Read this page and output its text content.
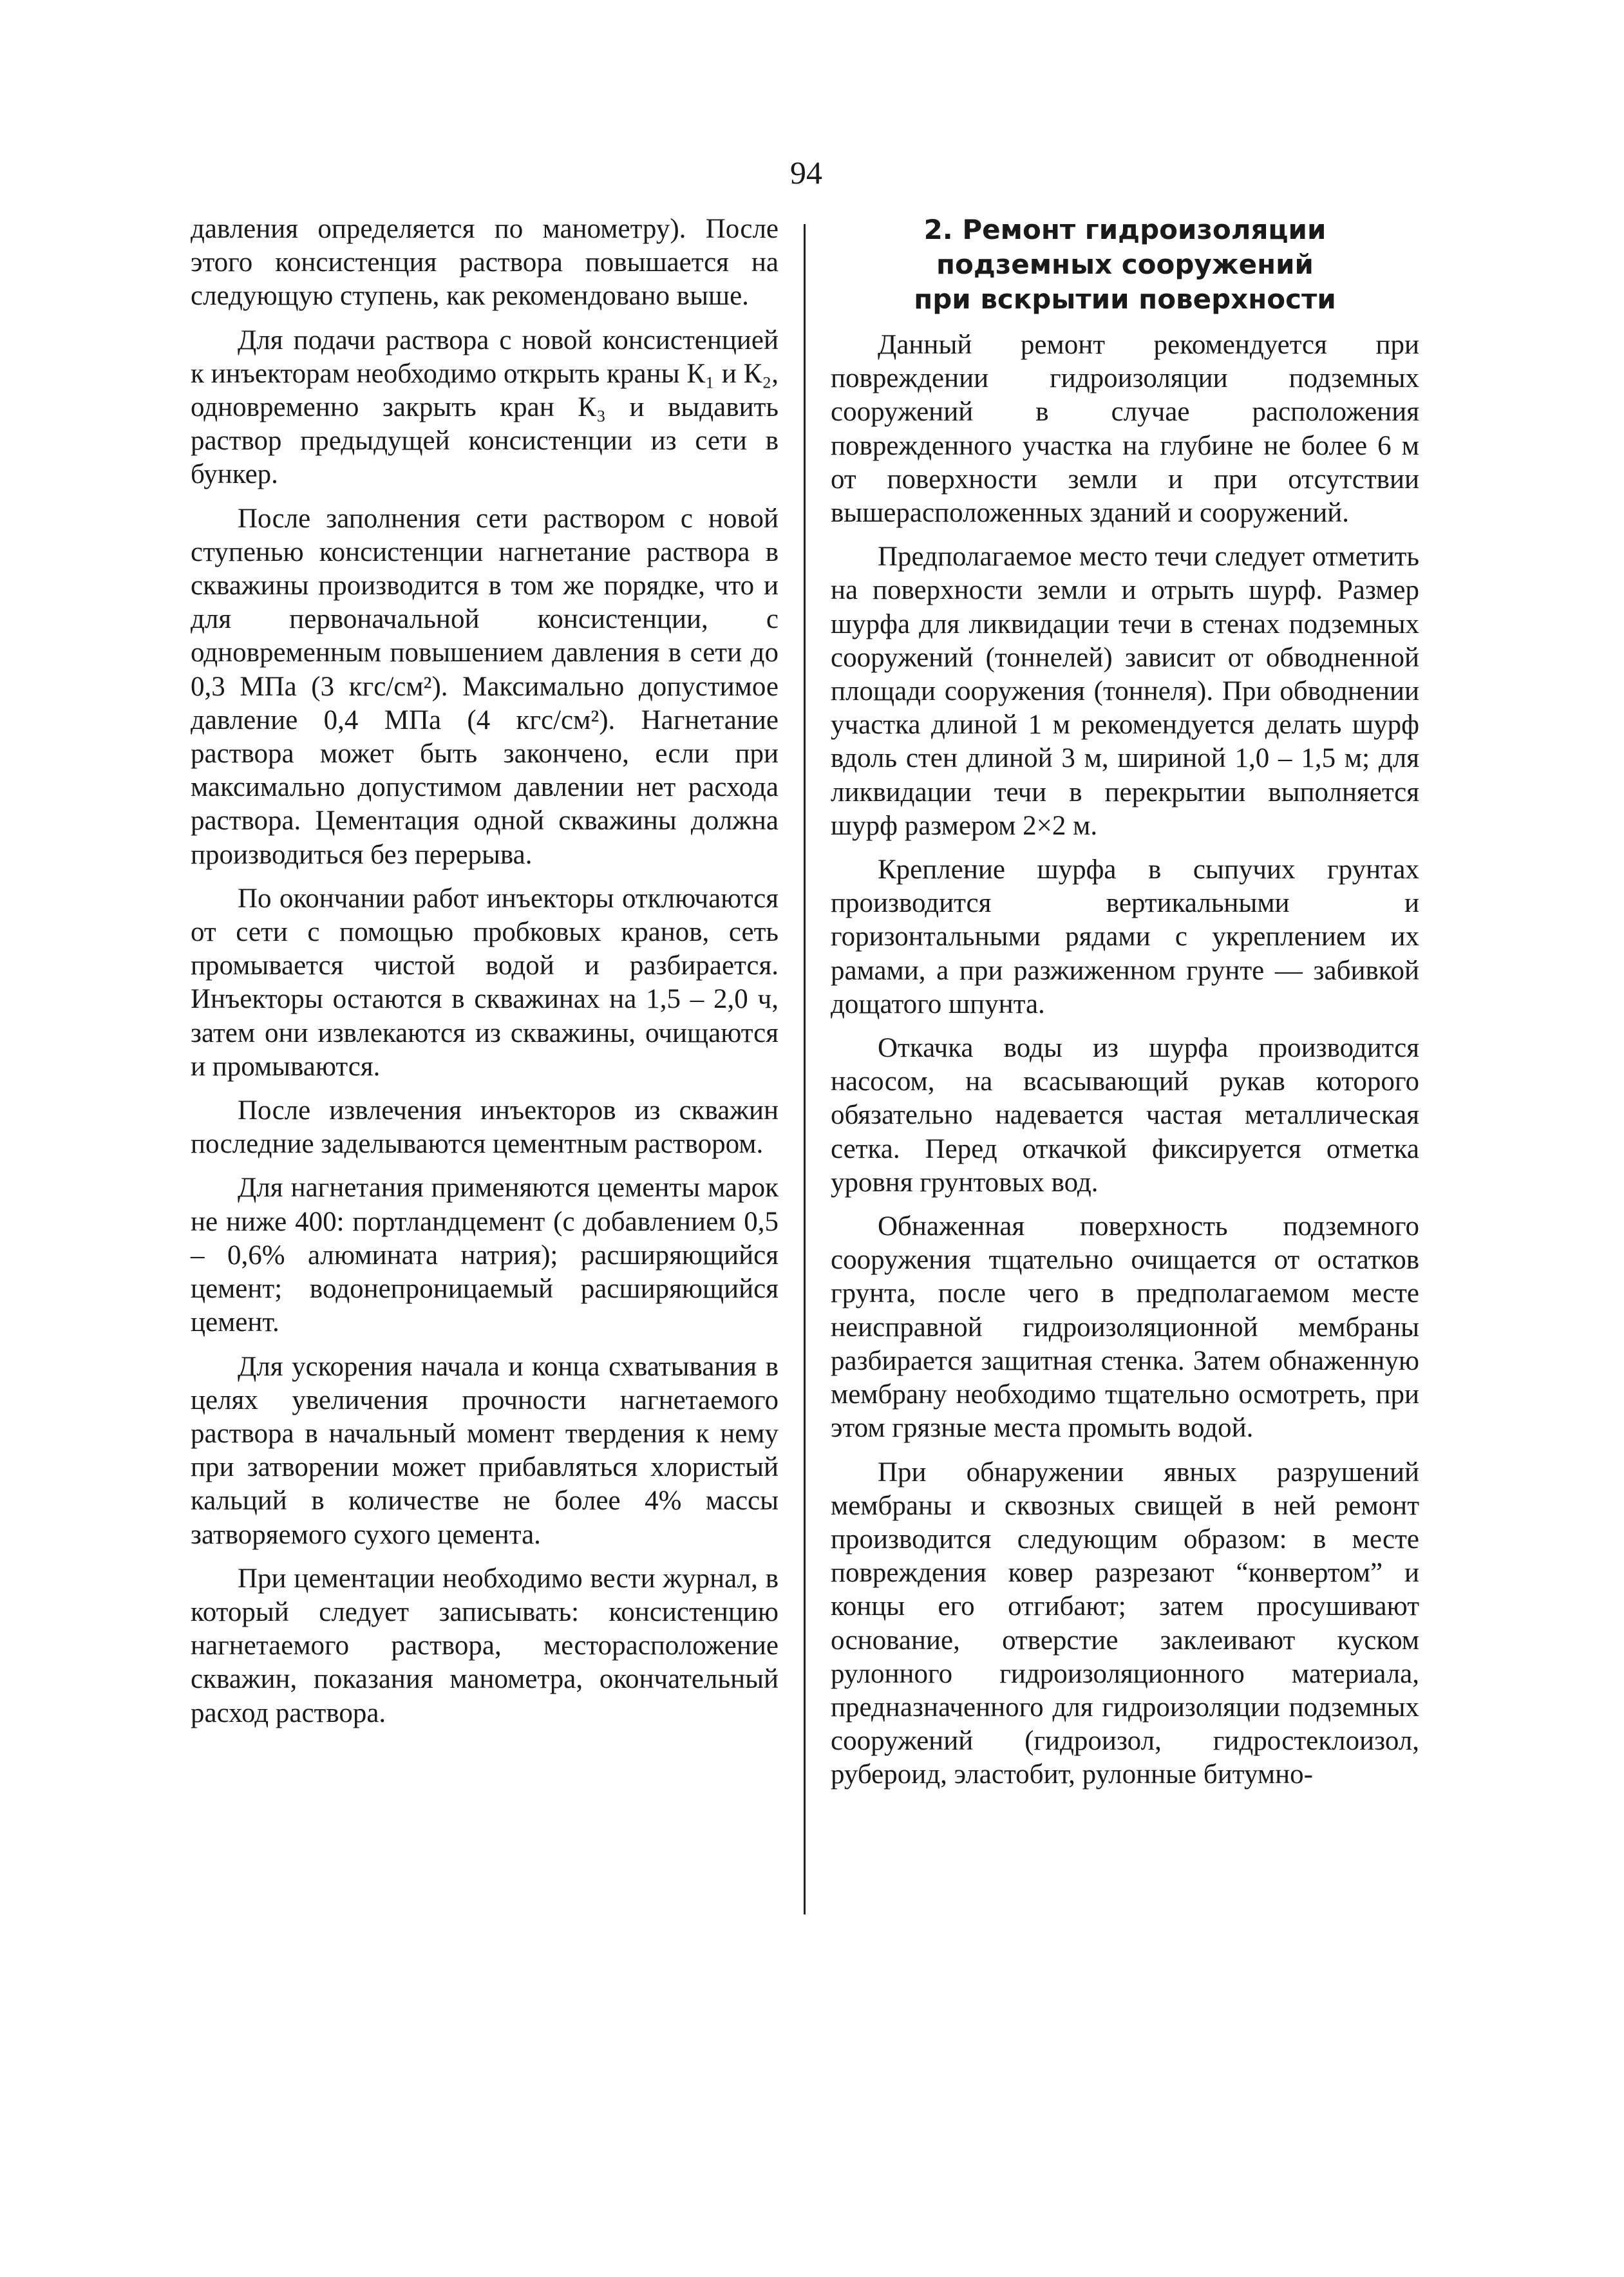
94

давления определяется по манометру). После этого консистенция раствора повышается на следующую ступень, как рекомендовано выше.

Для подачи раствора с новой консистенцией к инъекторам необходимо открыть краны К₁ и К₂, одновременно закрыть кран К₃ и выдавить раствор предыдущей консистенции из сети в бункер.

После заполнения сети раствором с новой ступенью консистенции нагнетание раствора в скважины производится в том же порядке, что и для первоначальной консистенции, с одновременным повышением давления в сети до 0,3 МПа (3 кгс/см²). Максимально допустимое давление 0,4 МПа (4 кгс/см²). Нагнетание раствора может быть закончено, если при максимально допустимом давлении нет расхода раствора. Цементация одной скважины должна производиться без перерыва.

По окончании работ инъекторы отключаются от сети с помощью пробковых кранов, сеть промывается чистой водой и разбирается. Инъекторы остаются в скважинах на 1,5 – 2,0 ч, затем они извлекаются из скважины, очищаются и промываются.

После извлечения инъекторов из скважин последние заделываются цементным раствором.

Для нагнетания применяются цементы марок не ниже 400: портландцемент (с добавлением 0,5 – 0,6% алюмината натрия); расширяющийся цемент; водонепроницаемый расширяющийся цемент.

Для ускорения начала и конца схватывания в целях увеличения прочности нагнетаемого раствора в начальный момент твердения к нему при затворении может прибавляться хлористый кальций в количестве не более 4% массы затворяемого сухого цемента.

При цементации необходимо вести журнал, в который следует записывать: консистенцию нагнетаемого раствора, месторасположение скважин, показания манометра, окончательный расход раствора.

2. Ремонт гидроизоляции
подземных сооружений
при вскрытии поверхности

Данный ремонт рекомендуется при повреждении гидроизоляции подземных сооружений в случае расположения поврежденного участка на глубине не более 6 м от поверхности земли и при отсутствии вышерасположенных зданий и сооружений.

Предполагаемое место течи следует отметить на поверхности земли и отрыть шурф. Размер шурфа для ликвидации течи в стенах подземных сооружений (тоннелей) зависит от обводненной площади сооружения (тоннеля). При обводнении участка длиной 1 м рекомендуется делать шурф вдоль стен длиной 3 м, шириной 1,0 – 1,5 м; для ликвидации течи в перекрытии выполняется шурф размером 2×2 м.

Крепление шурфа в сыпучих грунтах производится вертикальными и горизонтальными рядами с укреплением их рамами, а при разжиженном грунте — забивкой дощатого шпунта.

Откачка воды из шурфа производится насосом, на всасывающий рукав которого обязательно надевается частая металлическая сетка. Перед откачкой фиксируется отметка уровня грунтовых вод.

Обнаженная поверхность подземного сооружения тщательно очищается от остатков грунта, после чего в предполагаемом месте неисправной гидроизоляционной мембраны разбирается защитная стенка. Затем обнаженную мембрану необходимо тщательно осмотреть, при этом грязные места промыть водой.

При обнаружении явных разрушений мембраны и сквозных свищей в ней ремонт производится следующим образом: в месте повреждения ковер разрезают “конвертом” и концы его отгибают; затем просушивают основание, отверстие заклеивают куском рулонного гидроизоляционного материала, предназначенного для гидроизоляции подземных сооружений (гидроизол, гидростеклоизол, рубероид, эластобит, рулонные битумно-
